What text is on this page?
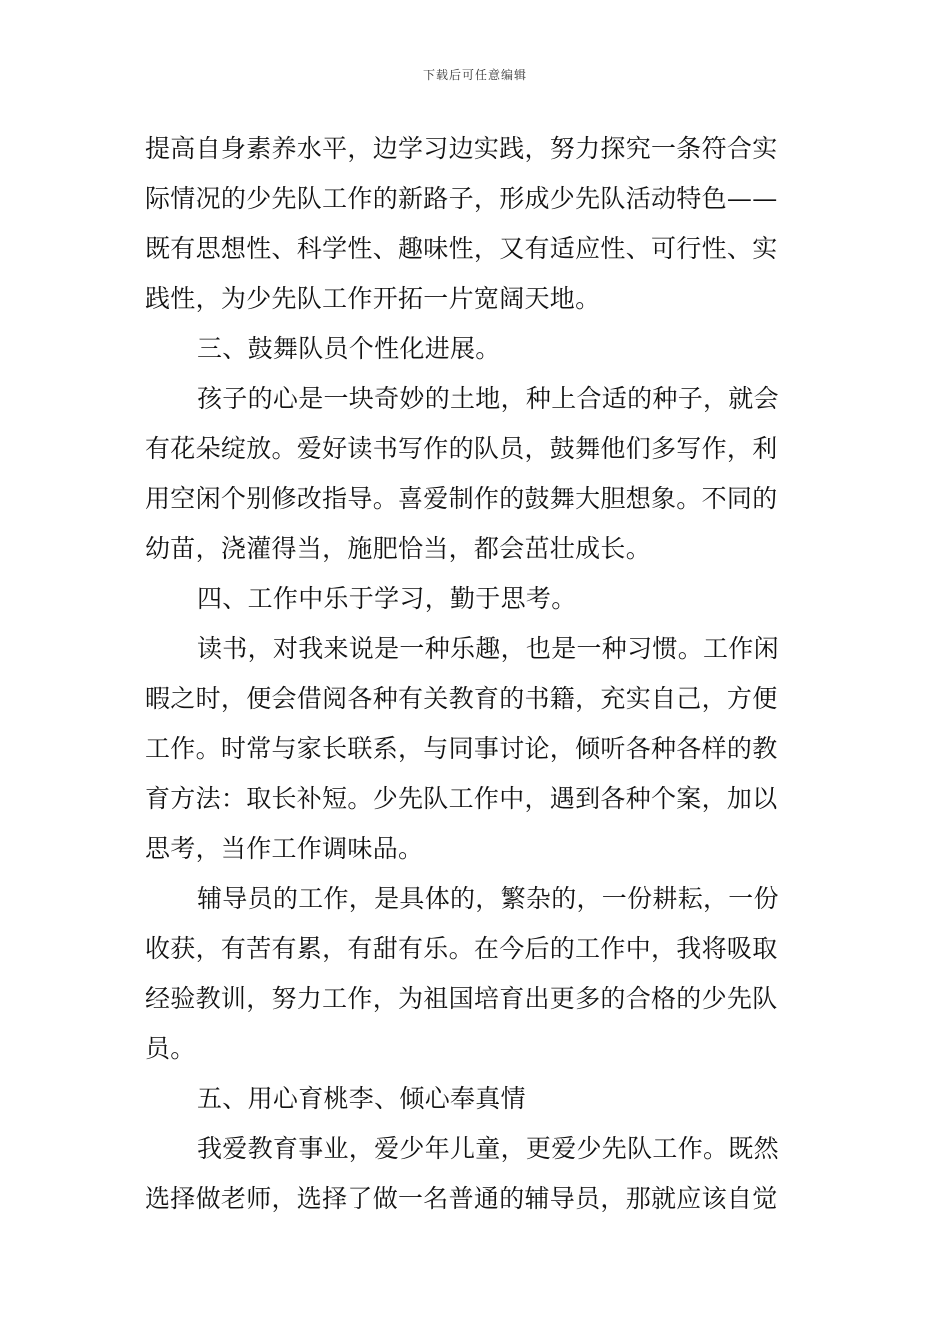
下载后可任意编辑
提高自身素养水平，边学习边实践，努力探究一条符合实
际情况的少先队工作的新路子，形成少先队活动特色——
既有思想性、科学性、趣味性，又有适应性、可行性、实
践性，为少先队工作开拓一片宽阔天地。
三、鼓舞队员个性化进展。
孩子的心是一块奇妙的土地，种上合适的种子，就会
有花朵绽放。爱好读书写作的队员，鼓舞他们多写作，利
用空闲个别修改指导。喜爱制作的鼓舞大胆想象。不同的
幼苗，浇灌得当，施肥恰当，都会茁壮成长。
四、工作中乐于学习，勤于思考。
读书，对我来说是一种乐趣，也是一种习惯。工作闲
暇之时，便会借阅各种有关教育的书籍，充实自己，方便
工作。时常与家长联系，与同事讨论，倾听各种各样的教
育方法：取长补短。少先队工作中，遇到各种个案，加以
思考，当作工作调味品。
辅导员的工作，是具体的，繁杂的，一份耕耘，一份
收获，有苦有累，有甜有乐。在今后的工作中，我将吸取
经验教训，努力工作，为祖国培育出更多的合格的少先队
员。
五、用心育桃李、倾心奉真情
我爱教育事业，爱少年儿童，更爱少先队工作。既然
选择做老师，选择了做一名普通的辅导员，那就应该自觉
